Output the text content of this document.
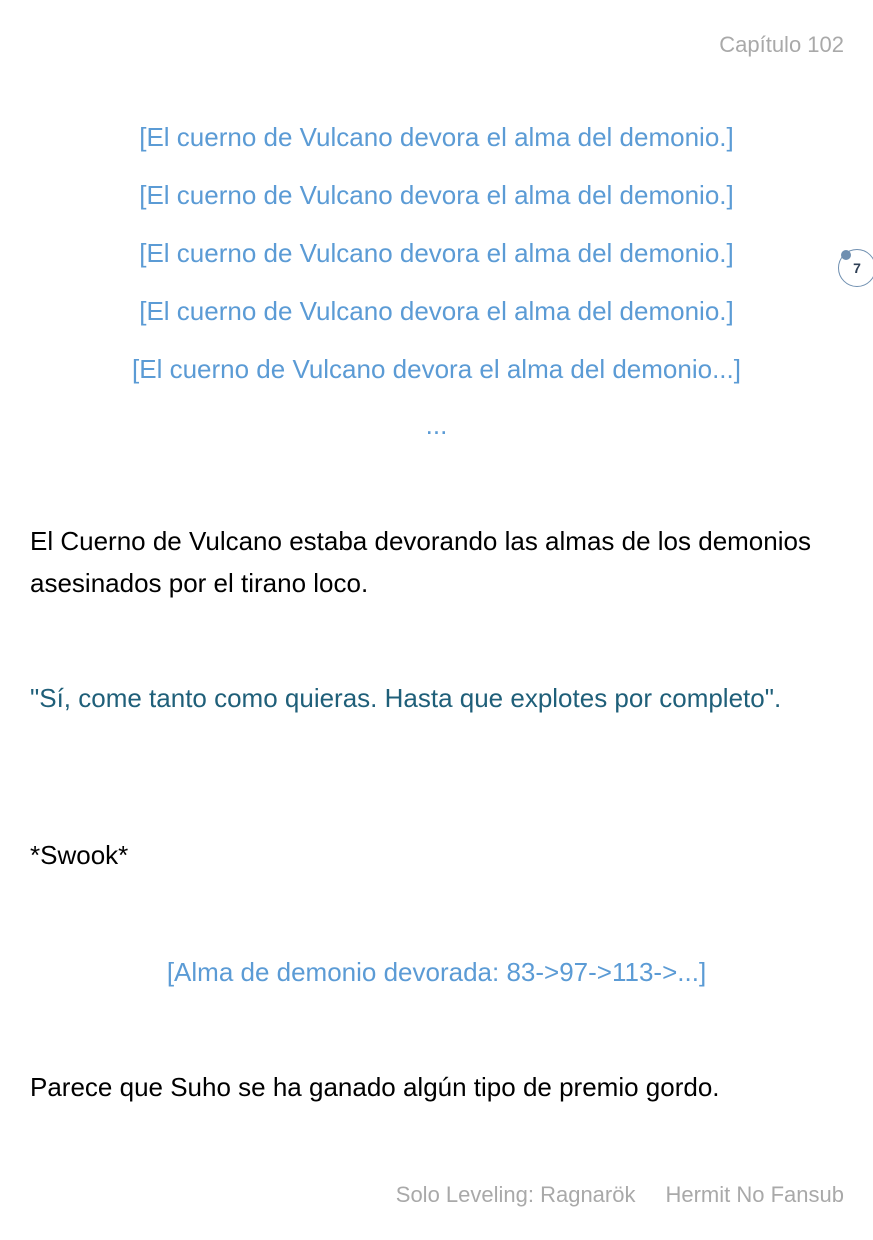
Capítulo 102
[El cuerno de Vulcano devora el alma del demonio.]
[El cuerno de Vulcano devora el alma del demonio.]
[El cuerno de Vulcano devora el alma del demonio.]
[El cuerno de Vulcano devora el alma del demonio.]
[El cuerno de Vulcano devora el alma del demonio...]
...
El Cuerno de Vulcano estaba devorando las almas de los demonios asesinados por el tirano loco.
"Sí, come tanto como quieras. Hasta que explotes por completo".
*Swook*
[Alma de demonio devorada: 83->97->113->...]
Parece que Suho se ha ganado algún tipo de premio gordo.
7
Solo Leveling: Ragnarök Hermit No Fansub
